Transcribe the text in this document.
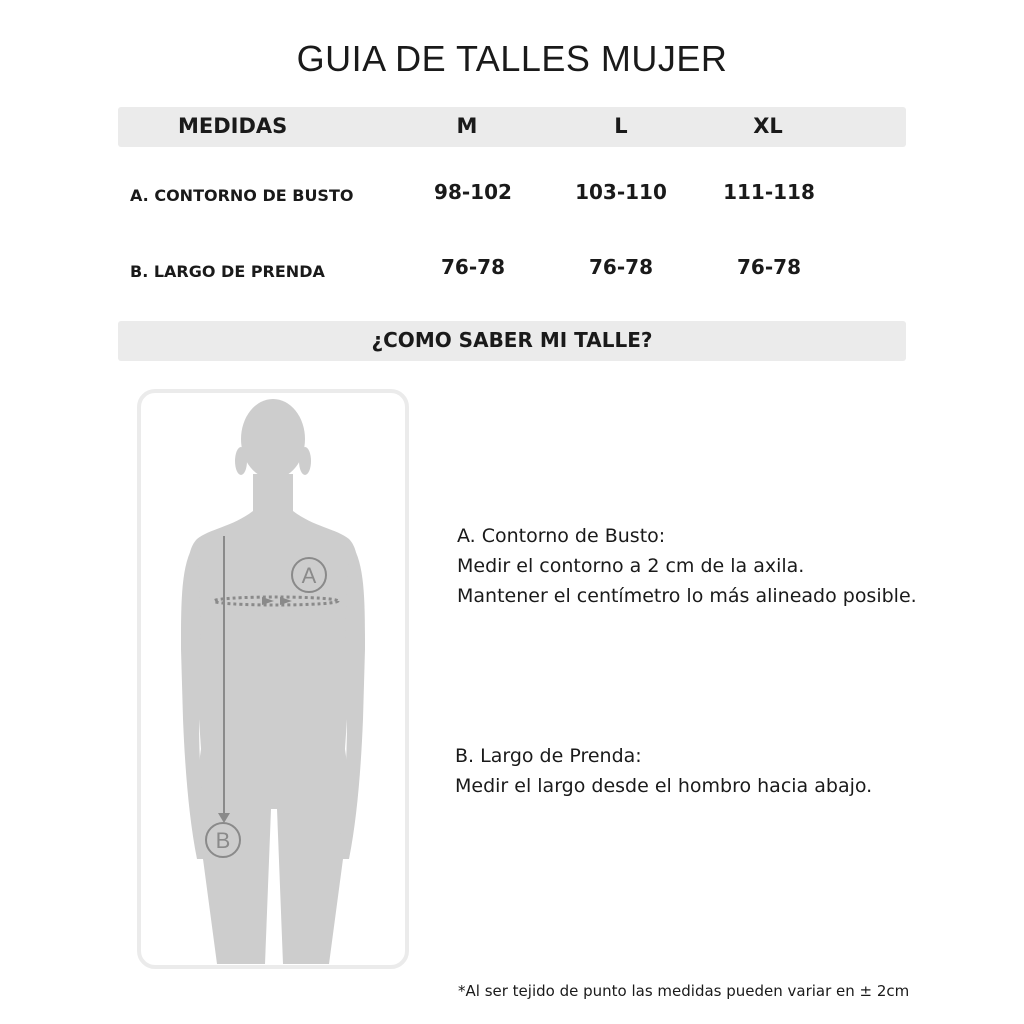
GUIA DE TALLES MUJER
MEDIDAS	M	L	XL
A. CONTORNO DE BUSTO	98-102	103-110	111-118
B. LARGO DE PRENDA	76-78	76-78	76-78
¿COMO SABER MI TALLE?
A
B
A. Contorno de Busto:
Medir el contorno a 2 cm de la axila.
Mantener el centímetro lo más alineado posible.
B. Largo de Prenda:
Medir el largo desde el hombro hacia abajo.
*Al ser tejido de punto las medidas pueden variar en ± 2cm
